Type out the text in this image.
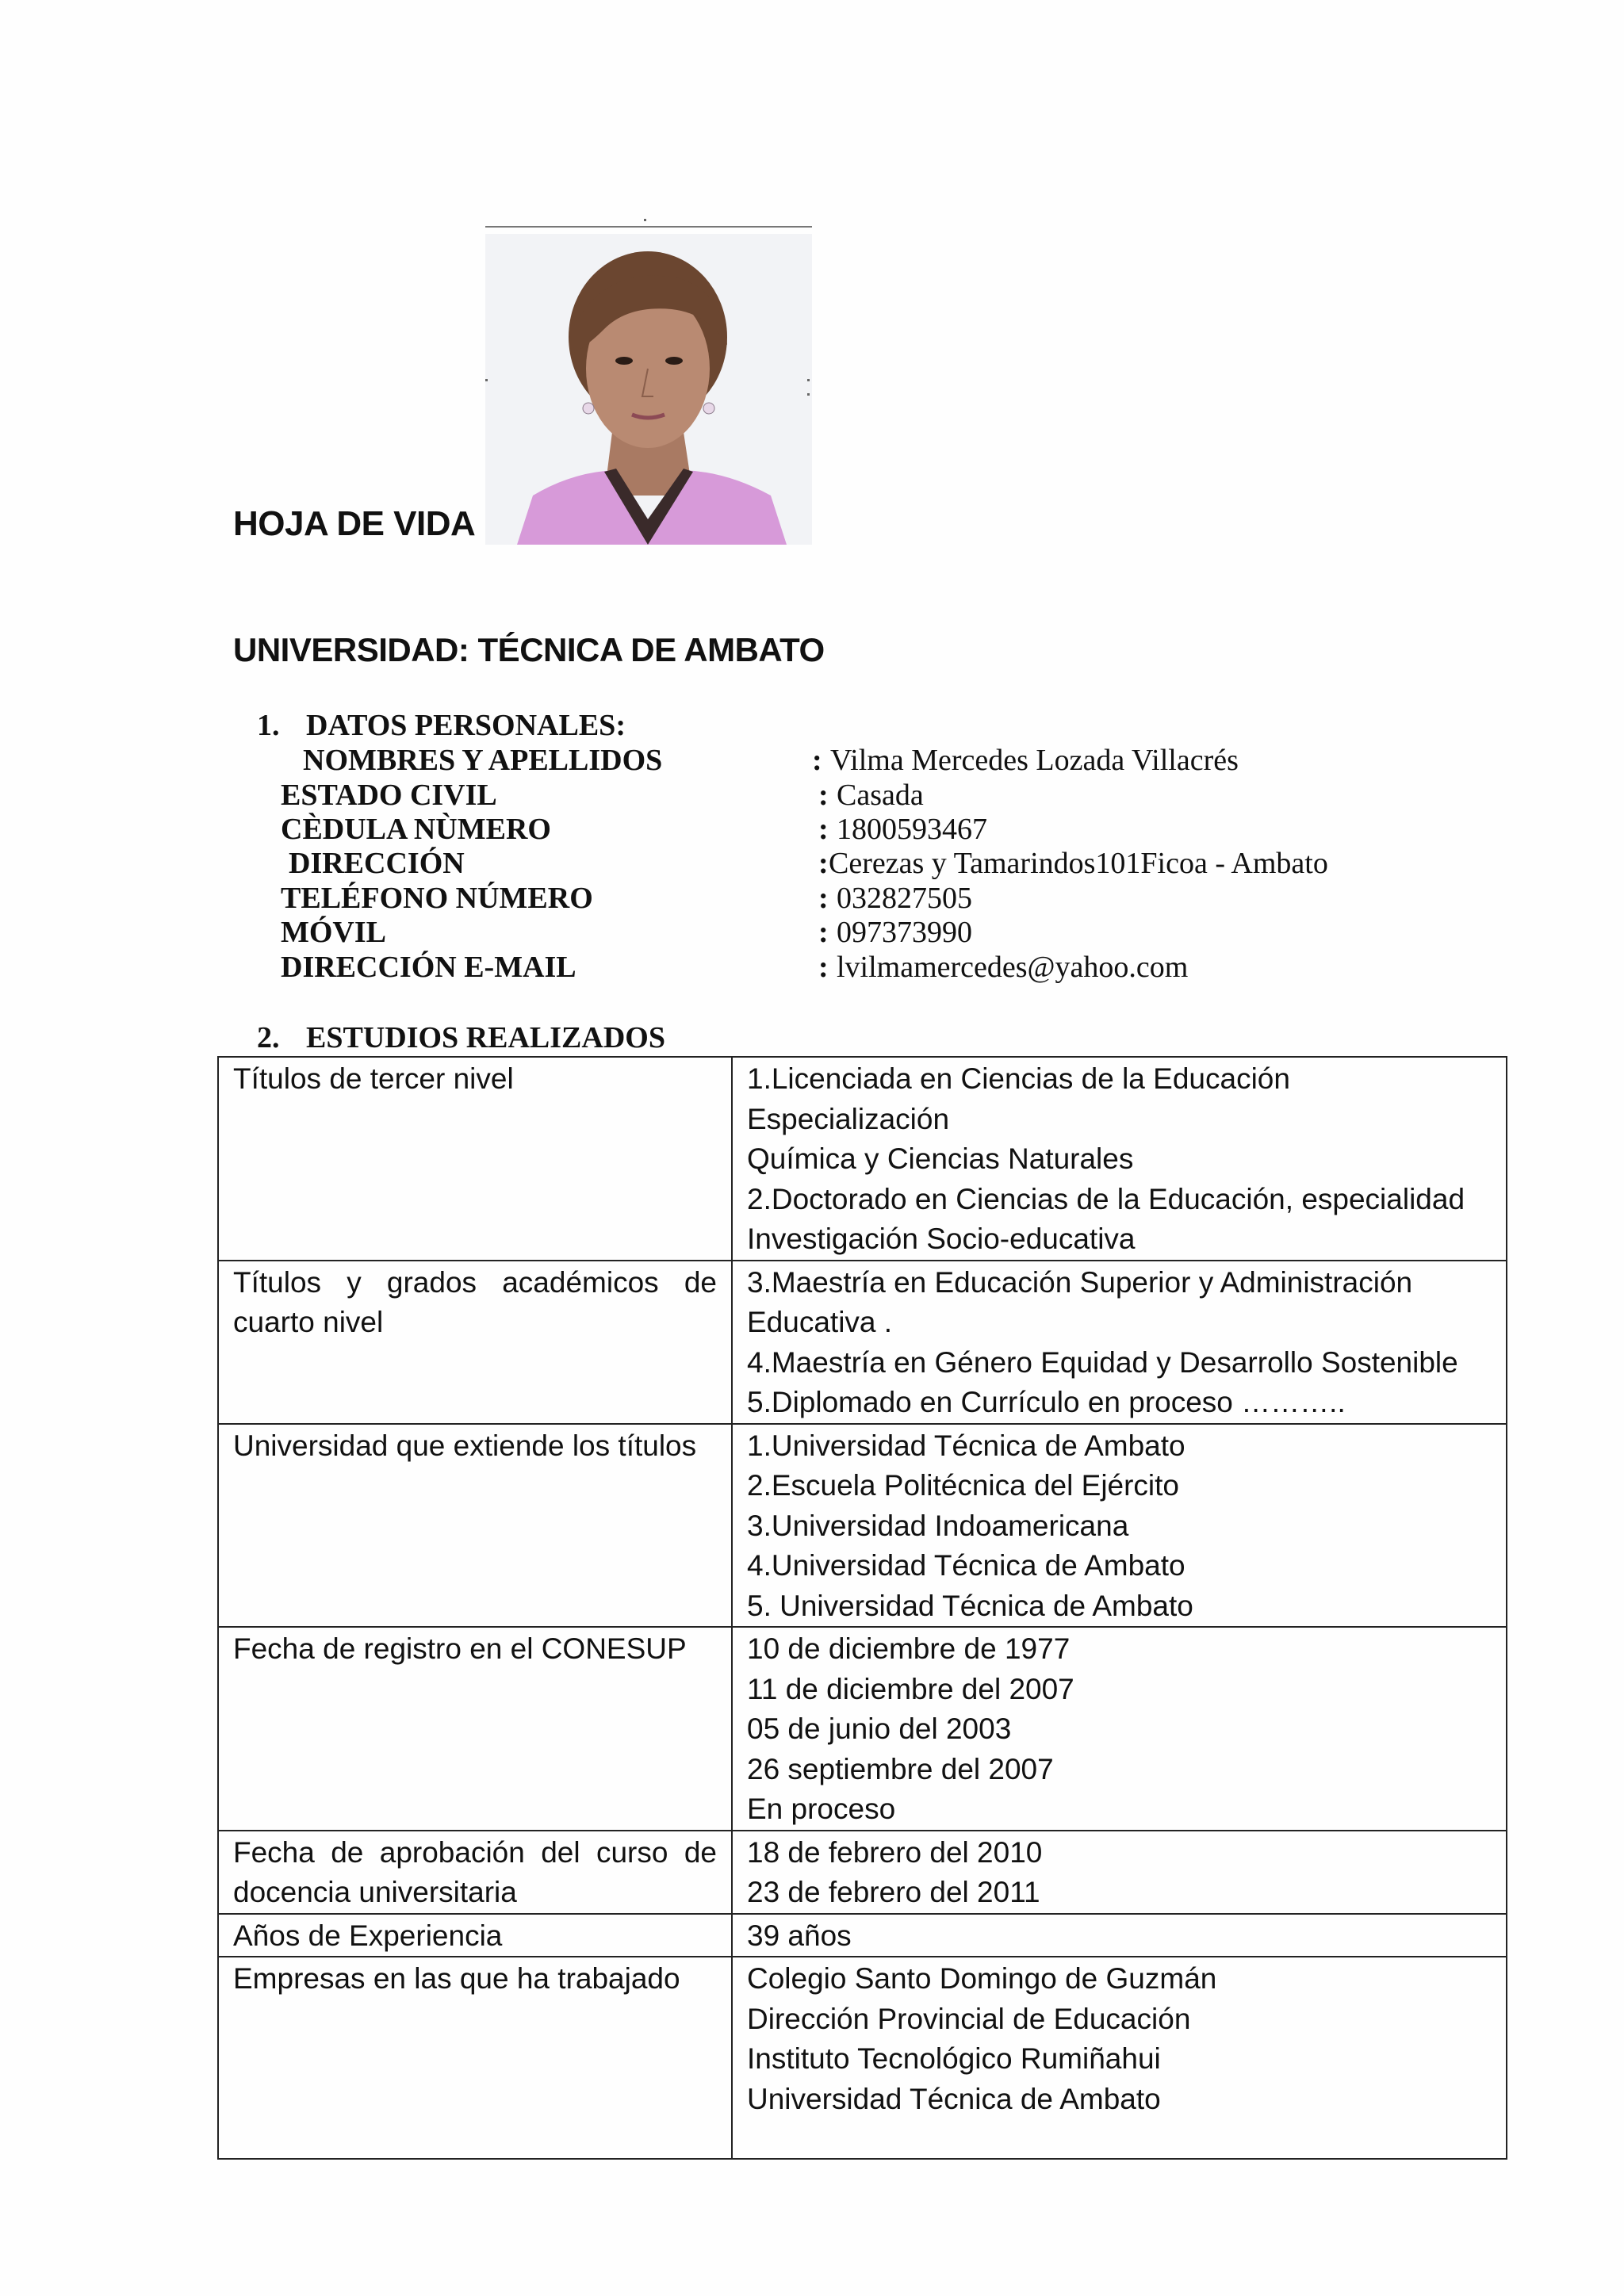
HOJA DE VIDA
UNIVERSIDAD: TÉCNICA DE AMBATO
1. DATOS PERSONALES:
NOMBRES Y APELLIDOS	: Vilma Mercedes Lozada Villacrés
ESTADO CIVIL	: Casada
CÈDULA NÙMERO	: 1800593467
DIRECCIÓN	: Cerezas y Tamarindos101Ficoa - Ambato
TELÉFONO NÚMERO	: 032827505
MÓVIL	: 097373990
DIRECCIÓN E-MAIL	: lvilmamercedes@yahoo.com
2. ESTUDIOS REALIZADOS
Títulos de tercer nivel	1.Licenciada en Ciencias de la Educación Especialización
Química y Ciencias Naturales
2.Doctorado en Ciencias de la Educación, especialidad
Investigación Socio-educativa

Títulos y grados académicos de cuarto nivel	3.Maestría en Educación Superior y Administración
Educativa .
4.Maestría en Género Equidad y Desarrollo Sostenible
5.Diplomado en Currículo en proceso ………..

Universidad que extiende los títulos	1.Universidad Técnica de Ambato
2.Escuela Politécnica del Ejército
3.Universidad Indoamericana
4.Universidad Técnica de Ambato
5. Universidad Técnica de Ambato

Fecha de registro en el CONESUP	10 de diciembre de 1977
11 de diciembre del 2007
05 de junio del 2003
26 septiembre del 2007
En proceso

Fecha de aprobación del curso de docencia universitaria	18 de febrero del 2010
23 de febrero del 2011

Años de Experiencia	39 años

Empresas en las que ha trabajado	Colegio Santo Domingo de Guzmán
Dirección Provincial de Educación
Instituto Tecnológico Rumiñahui
Universidad Técnica de Ambato
